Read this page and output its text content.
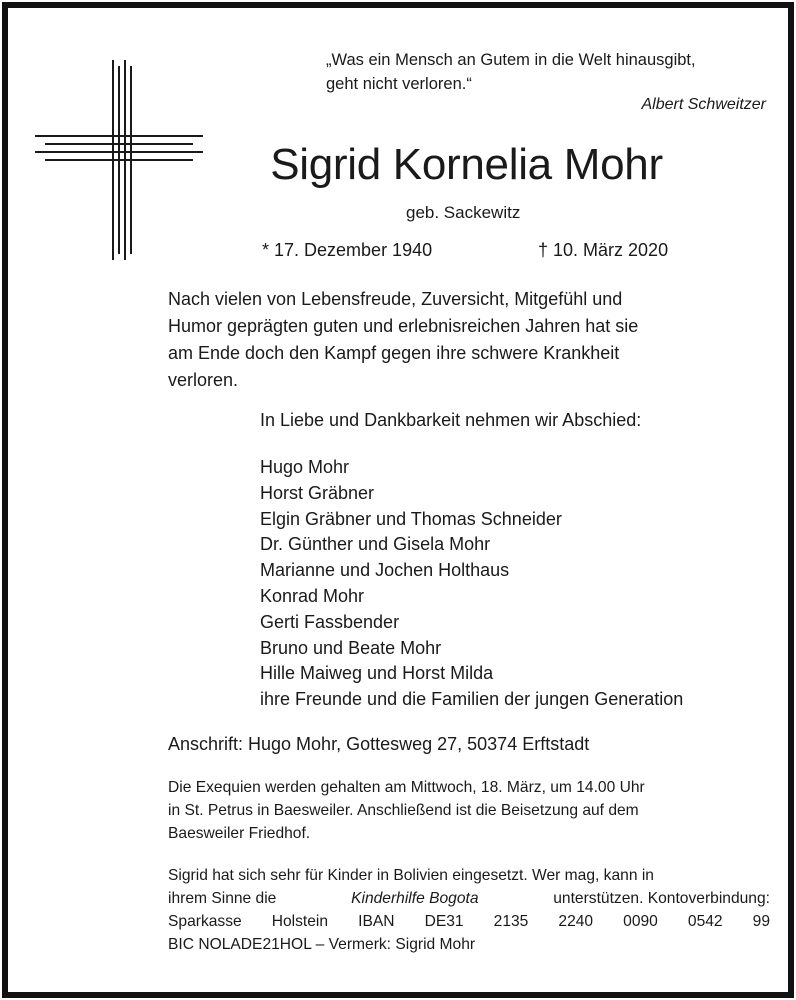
„Was ein Mensch an Gutem in die Welt hinausgibt,
geht nicht verloren.“
Albert Schweitzer
Sigrid Kornelia Mohr
geb. Sackewitz
* 17. Dezember 1940	† 10. März 2020
Nach vielen von Lebensfreude, Zuversicht, Mitgefühl und
Humor geprägten guten und erlebnisreichen Jahren hat sie
am Ende doch den Kampf gegen ihre schwere Krankheit
verloren.
In Liebe und Dankbarkeit nehmen wir Abschied:
Hugo Mohr
Horst Gräbner
Elgin Gräbner und Thomas Schneider
Dr. Günther und Gisela Mohr
Marianne und Jochen Holthaus
Konrad Mohr
Gerti Fassbender
Bruno und Beate Mohr
Hille Maiweg und Horst Milda
ihre Freunde und die Familien der jungen Generation
Anschrift: Hugo Mohr, Gottesweg 27, 50374 Erftstadt
Die Exequien werden gehalten am Mittwoch, 18. März, um 14.00 Uhr
in St. Petrus in Baesweiler. Anschließend ist die Beisetzung auf dem
Baesweiler Friedhof.
Sigrid hat sich sehr für Kinder in Bolivien eingesetzt. Wer mag, kann in
ihrem Sinne die	Kinderhilfe Bogota	unterstützen. Kontoverbindung:
Sparkasse Holstein IBAN DE31 2135 2240 0090 0542 99
BIC NOLADE21HOL – Vermerk: Sigrid Mohr
